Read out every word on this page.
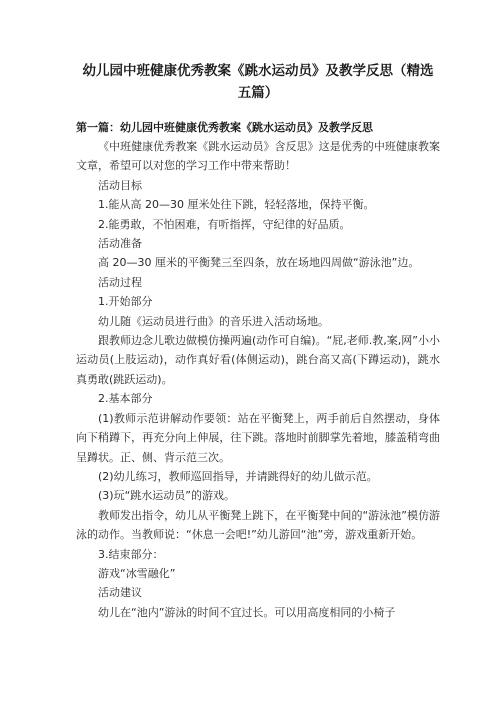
幼儿园中班健康优秀教案《跳水运动员》及教学反思（精选五篇）
第一篇：幼儿园中班健康优秀教案《跳水运动员》及教学反思

《中班健康优秀教案《跳水运动员》含反思》这是优秀的中班健康教案文章，希望可以对您的学习工作中带来帮助！

活动目标

1.能从高 20—30 厘米处往下跳，轻轻落地，保持平衡。

2.能勇敢，不怕困难，有听指挥，守纪律的好品质。

活动准备

高 20—30 厘米的平衡凳三至四条，放在场地四周做“游泳池”边。

活动过程

1.开始部分

幼儿随《运动员进行曲》的音乐进入活动场地。

跟教师边念儿歌边做模仿操两遍(动作可自编)。“屁,老师.教,案,网”小小运动员(上肢运动)，动作真好看(体侧运动)，跳台高又高(下蹲运动)，跳水真勇敢(跳跃运动)。

2.基本部分

(1)教师示范讲解动作要领：站在平衡凳上，两手前后自然摆动，身体向下稍蹲下，再充分向上伸展，往下跳。落地时前脚掌先着地，膝盖稍弯曲呈蹲状。正、侧、背示范三次。

(2)幼儿练习，教师巡回指导，并请跳得好的幼儿做示范。

(3)玩“跳水运动员”的游戏。

教师发出指令，幼儿从平衡凳上跳下，在平衡凳中间的“游泳池”模仿游泳的动作。当教师说：“休息一会吧!”幼儿游回“池”旁，游戏重新开始。

3.结束部分：

游戏“冰雪融化”

活动建议

幼儿在“池内”游泳的时间不宜过长。可以用高度相同的小椅子
